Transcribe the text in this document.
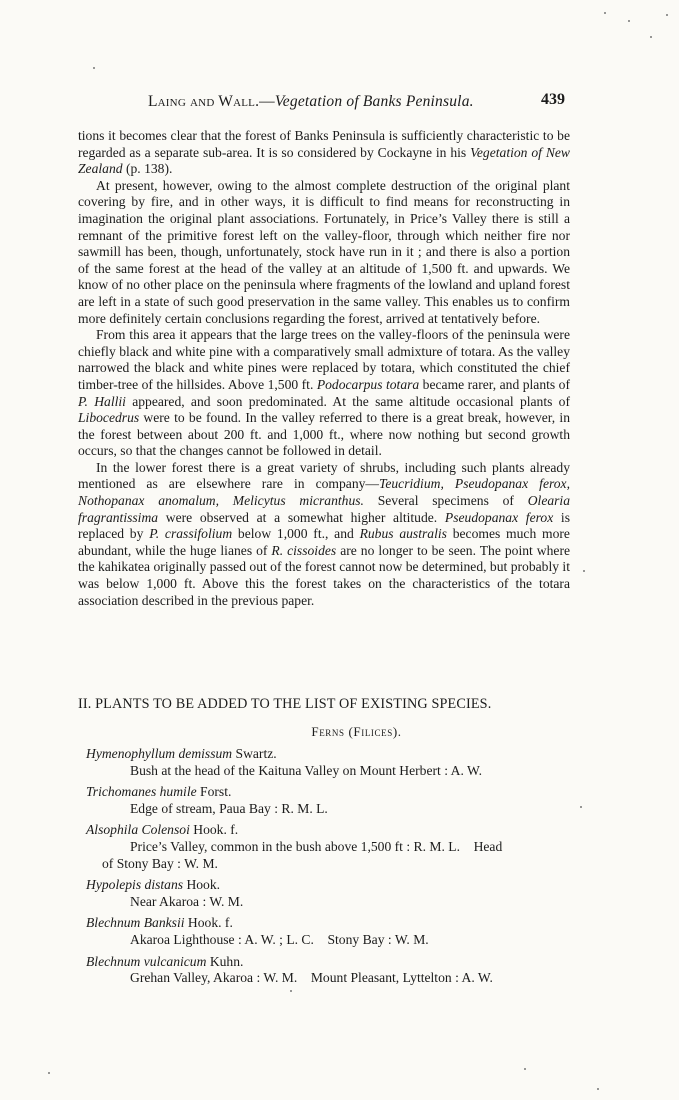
Laing and Wall.—Vegetation of Banks Peninsula.	439

tions it becomes clear that the forest of Banks Peninsula is sufficiently characteristic to be regarded as a separate sub-area. It is so considered by Cockayne in his Vegetation of New Zealand (p. 138).

At present, however, owing to the almost complete destruction of the original plant covering by fire, and in other ways, it is difficult to find means for reconstructing in imagination the original plant associations. Fortunately, in Price’s Valley there is still a remnant of the primitive forest left on the valley-floor, through which neither fire nor sawmill has been, though, unfortunately, stock have run in it ; and there is also a portion of the same forest at the head of the valley at an altitude of 1,500 ft. and upwards. We know of no other place on the peninsula where fragments of the lowland and upland forest are left in a state of such good preservation in the same valley. This enables us to confirm more definitely certain conclusions regarding the forest, arrived at tentatively before.

From this area it appears that the large trees on the valley-floors of the peninsula were chiefly black and white pine with a comparatively small admixture of totara. As the valley narrowed the black and white pines were replaced by totara, which constituted the chief timber-tree of the hillsides. Above 1,500 ft. Podocarpus totara became rarer, and plants of P. Hallii appeared, and soon predominated. At the same altitude occasional plants of Libocedrus were to be found. In the valley referred to there is a great break, however, in the forest between about 200 ft. and 1,000 ft., where now nothing but second growth occurs, so that the changes cannot be followed in detail.

In the lower forest there is a great variety of shrubs, including such plants already mentioned as are elsewhere rare in company—Teucridium, Pseudopanax ferox, Nothopanax anomalum, Melicytus micranthus. Several specimens of Olearia fragrantissima were observed at a somewhat higher altitude. Pseudopanax ferox is replaced by P. crassifolium below 1,000 ft., and Rubus australis becomes much more abundant, while the huge lianes of R. cissoides are no longer to be seen. The point where the kahikatea originally passed out of the forest cannot now be determined, but probably it was below 1,000 ft. Above this the forest takes on the characteristics of the totara association described in the previous paper.

II. PLANTS TO BE ADDED TO THE LIST OF EXISTING SPECIES.
Ferns (Filices).
Hymenophyllum demissum Swartz.
Bush at the head of the Kaituna Valley on Mount Herbert : A. W.
Trichomanes humile Forst.
Edge of stream, Paua Bay : R. M. L.
Alsophila Colensoi Hook. f.
Price’s Valley, common in the bush above 1,500 ft : R. M. L.    Head
of Stony Bay : W. M.
Hypolepis distans Hook.
Near Akaroa : W. M.
Blechnum Banksii Hook. f.
Akaroa Lighthouse : A. W. ; L. C.    Stony Bay : W. M.
Blechnum vulcanicum Kuhn.
Grehan Valley, Akaroa : W. M.    Mount Pleasant, Lyttelton : A. W.
